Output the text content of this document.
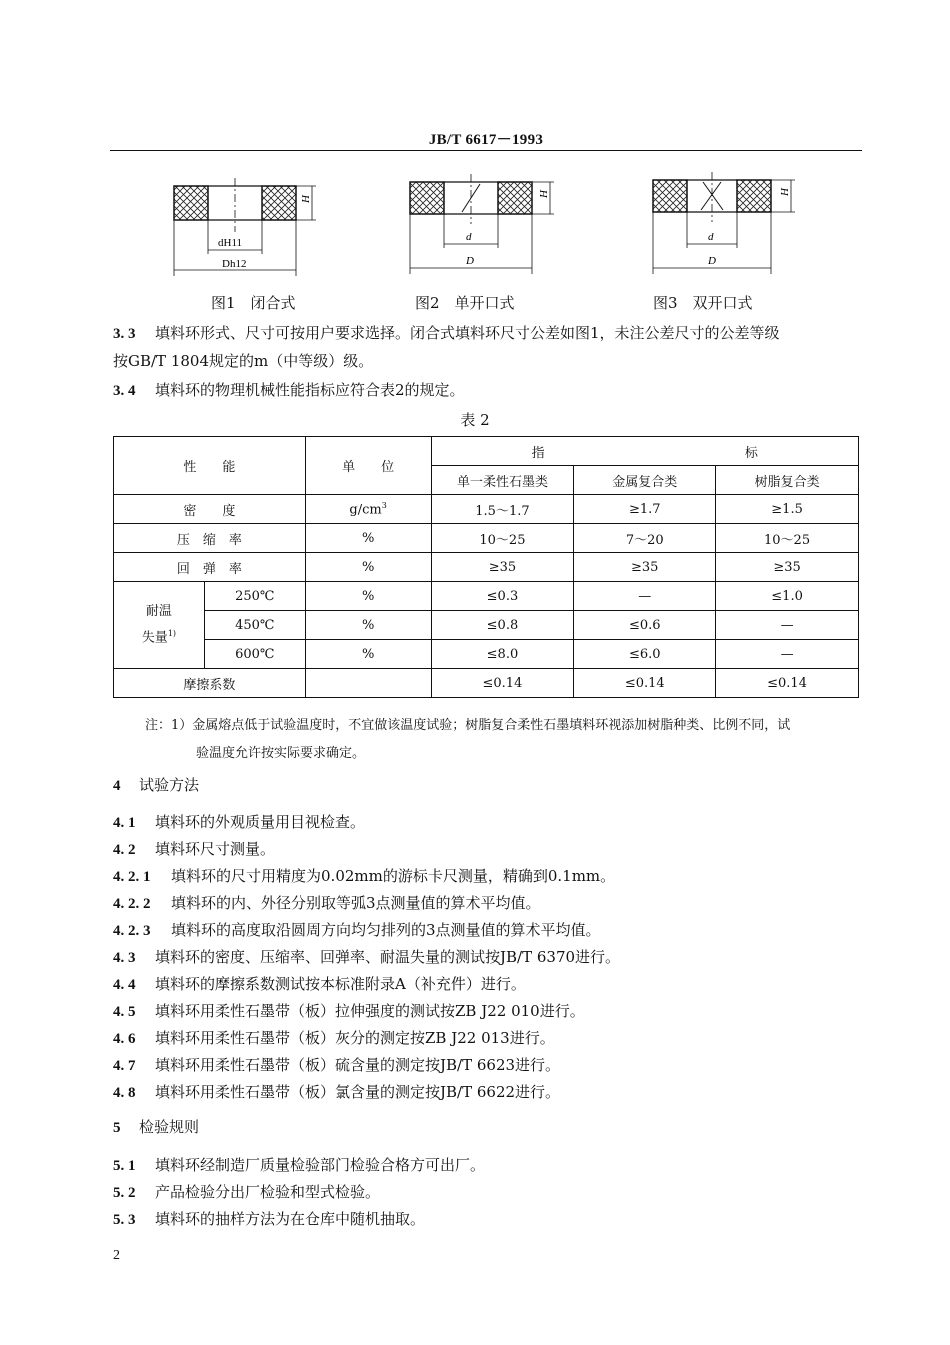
JB/T 6617－1993
H
dH11
Dh12
H
d
D
H
d
D
图1　闭合式	图2　单开口式	图3　双开口式
3. 3 填料环形式、尺寸可按用户要求选择。闭合式填料环尺寸公差如图1，未注公差尺寸的公差等级
按GB/T 1804规定的m（中等级）级。
3. 4 填料环的物理机械性能指标应符合表2的规定。
表 2
性　　能		单　　位	指 标		
			单一柔性石墨类	金属复合类	树脂复合类
密　　度		$g/cm^3$	1.5～1.7	≥1.7	≥1.5
压　缩　率		%	10～25	7～20	10～25
回　弹　率		%	≥35	≥35	≥35
耐温
失量$^{1)}$	250℃	%	≤0.3	—	≤1.0
	450℃	%	≤0.8	≤0.6	—
	600℃	%	≤8.0	≤6.0	—
摩擦系数			≤0.14	≤0.14	≤0.14
注：1）金属熔点低于试验温度时，不宜做该温度试验；树脂复合柔性石墨填料环视添加树脂种类、比例不同，试
验温度允许按实际要求确定。
4 试验方法
4. 1 填料环的外观质量用目视检查。
4. 2 填料环尺寸测量。
4. 2. 1 填料环的尺寸用精度为0.02mm的游标卡尺测量，精确到0.1mm。
4. 2. 2 填料环的内、外径分别取等弧3点测量值的算术平均值。
4. 2. 3 填料环的高度取沿圆周方向均匀排列的3点测量值的算术平均值。
4. 3 填料环的密度、压缩率、回弹率、耐温失量的测试按JB/T 6370进行。
4. 4 填料环的摩擦系数测试按本标准附录A（补充件）进行。
4. 5 填料环用柔性石墨带（板）拉伸强度的测试按ZB J22 010进行。
4. 6 填料环用柔性石墨带（板）灰分的测定按ZB J22 013进行。
4. 7 填料环用柔性石墨带（板）硫含量的测定按JB/T 6623进行。
4. 8 填料环用柔性石墨带（板）氯含量的测定按JB/T 6622进行。
5 检验规则
5. 1 填料环经制造厂质量检验部门检验合格方可出厂。
5. 2 产品检验分出厂检验和型式检验。
5. 3 填料环的抽样方法为在仓库中随机抽取。
2
